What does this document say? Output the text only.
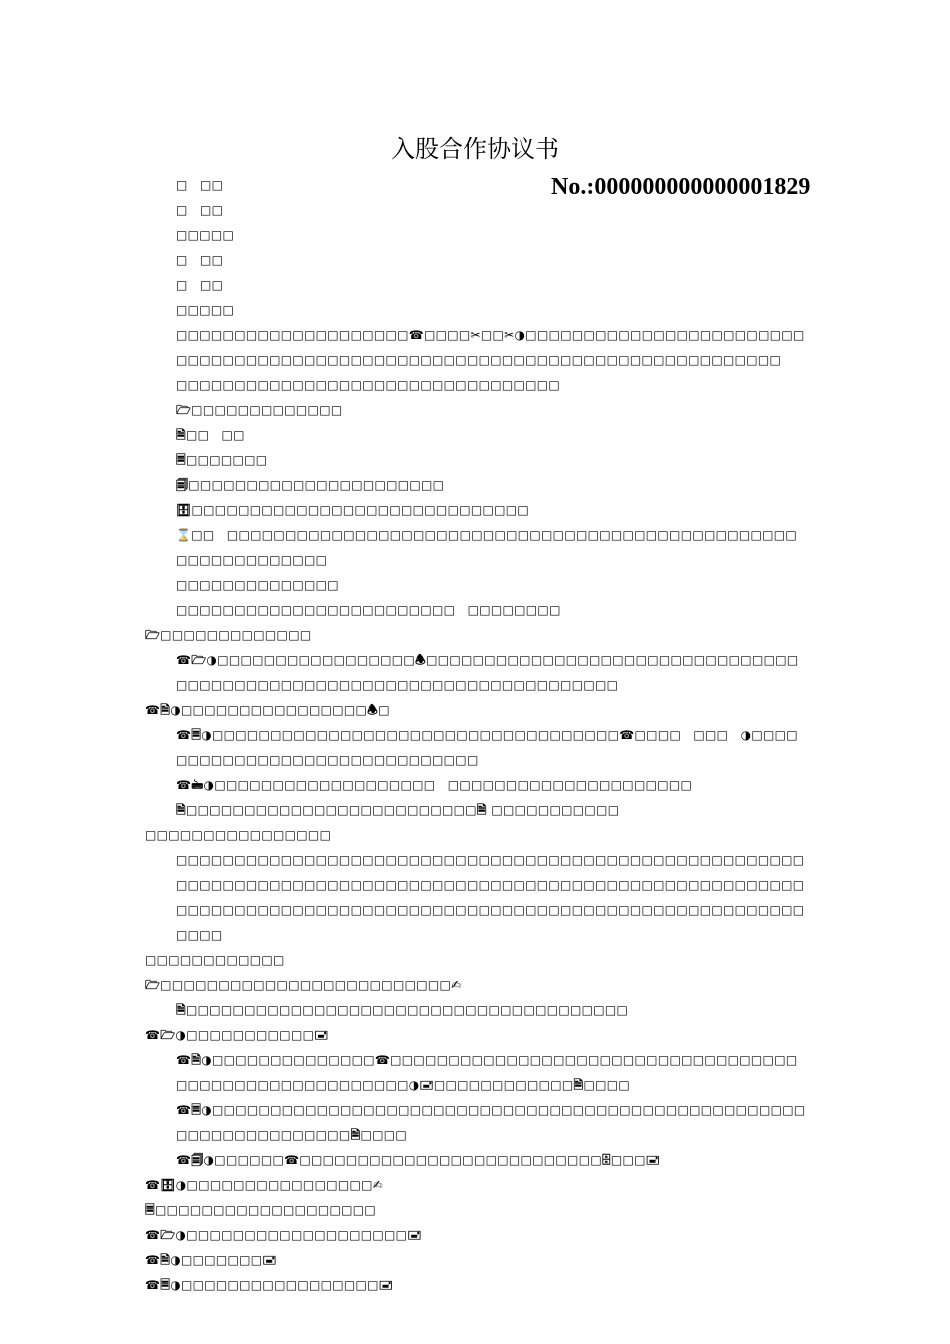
入股合作协议书
No.:000000000000001829
□　□□
□　□□
□□□□□
□　□□
□　□□
□□□□□
□□□□□□□□□□□□□□□□□□□□☎□□□□✂□□✂◑□□□□□□□□□□□□□□□□□□□□□□□□□□□□□□□□□□□□□□□□□□□□□□□□□□□□□□□□□□□□□□□□□□□□□□□□□□□□
□□□□□□□□□□□□□□□□□□□□□□□□□□□□□□□□□
🗁□□□□□□□□□□□□□
🗎□□　□□
🗏□□□□□□□
🗐□□□□□□□□□□□□□□□□□□□□□□
🗄□□□□□□□□□□□□□□□□□□□□□□□□□□□□□
⌛□□　□□□□□□□□□□□□□□□□□□□□□□□□□□□□□□□□□□□□□□□□□□□□□□□□□□□□□□□□□□□□□□
□□□□□□□□□□□□□□
□□□□□□□□□□□□□□□□□□□□□□□□　□□□□□□□□
🗁□□□□□□□□□□□□□
☎🗁◑□□□□□□□□□□□□□□□□□🕭□□□□□□□□□□□□□□□□□□□□□□□□□□□□□□□□□□□□□□□□□□□□□□□□□□□□□□□□□□□□□□□□□□□□□□
☎🗎◑□□□□□□□□□□□□□□□□🕭□
☎🗏◑□□□□□□□□□□□□□□□□□□□□□□□□□□□□□□□□□□□☎□□□□　□□□　◑□□□□□□□□□□□□□□□□□□□□□□□□□□□□□□
☎🖮◑□□□□□□□□□□□□□□□□□□□　□□□□□□□□□□□□□□□□□□□□□
🗎□□□□□□□□□□□□□□□□□□□□□□□□□🗎 □□□□□□□□□□□
□□□□□□□□□□□□□□□□
□□□□□□□□□□□□□□□□□□□□□□□□□□□□□□□□□□□□□□□□□□□□□□□□□□□□□□□□□□□□□□□□□□□□□□□□□□□□□□□□□□□□□□□□□□□□□□□□□□□□□□□□□□□□□□□□□□□□□□□□□□□□□□□□□□□□□□□□□□□□□□□□□□□□□□□□□□□□□□□□□□□□□□
□□□□□□□□□□□□
🗁□□□□□□□□□□□□□□□□□□□□□□□□□✍
🗎□□□□□□□□□□□□□□□□□□□□□□□□□□□□□□□□□□□□□□
☎🗁◑□□□□□□□□□□□🖃
☎🗎◑□□□□□□□□□□□□□□☎□□□□□□□□□□□□□□□□□□□□□□□□□□□□□□□□□□□□□□□□□□□□□□□□□□□□□□□◑🖃□□□□□□□□□□□□🗎□□□□
☎🗏◑□□□□□□□□□□□□□□□□□□□□□□□□□□□□□□□□□□□□□□□□□□□□□□□□□□□□□□□□□□□□□□□□□□🗎□□□□
☎🗐◑□□□□□□☎□□□□□□□□□□□□□□□□□□□□□□□□□□🗄□□□🖃
☎🗄◑□□□□□□□□□□□□□□□□✍
🗏□□□□□□□□□□□□□□□□□□□
☎🗁◑□□□□□□□□□□□□□□□□□□□🖃
☎🗎◑□□□□□□□🖃
☎🗏◑□□□□□□□□□□□□□□□□□🖃
